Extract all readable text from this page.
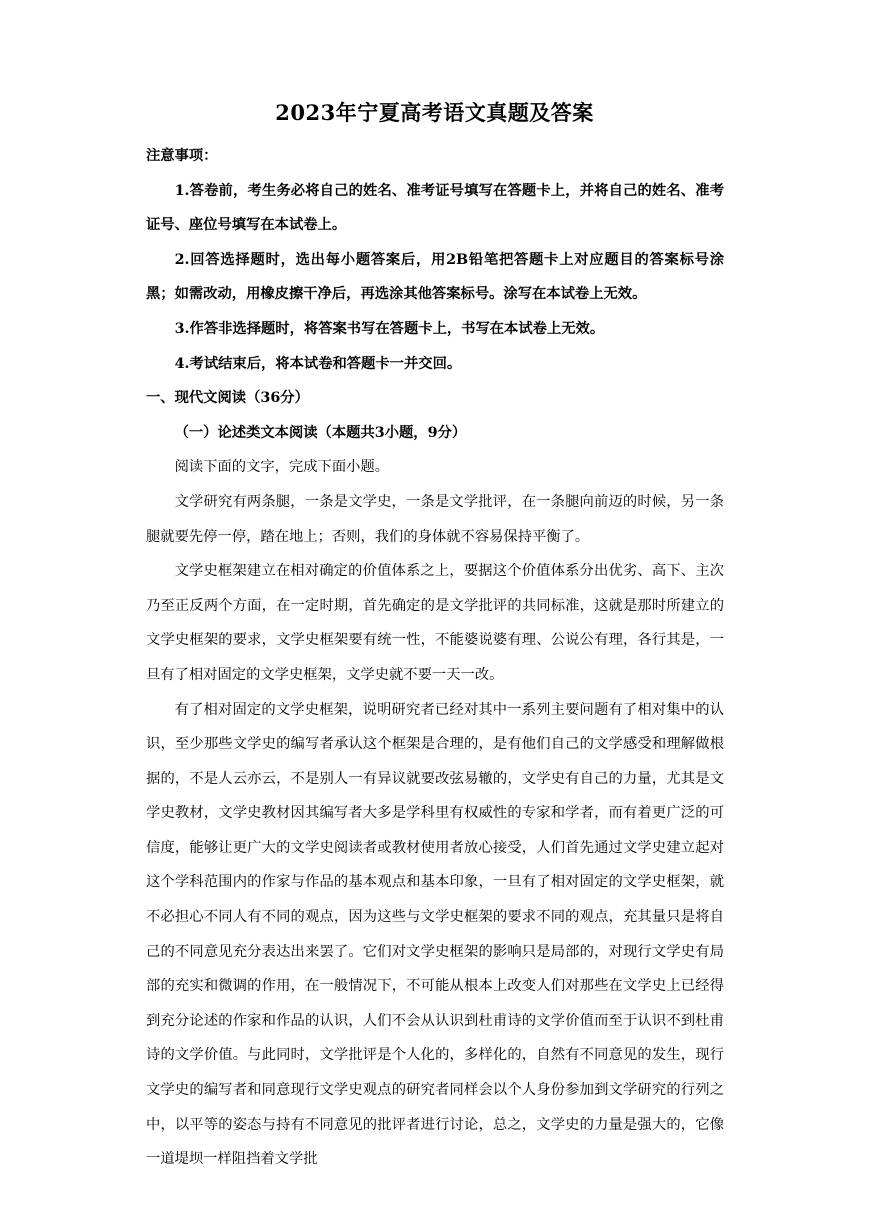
2023年宁夏高考语文真题及答案

注意事项：

1.答卷前，考生务必将自己的姓名、准考证号填写在答题卡上，并将自己的姓名、准考证号、座位号填写在本试卷上。

2.回答选择题时，选出每小题答案后，用2B铅笔把答题卡上对应题目的答案标号涂黑；如需改动，用橡皮擦干净后，再选涂其他答案标号。涂写在本试卷上无效。

3.作答非选择题时，将答案书写在答题卡上，书写在本试卷上无效。

4.考试结束后，将本试卷和答题卡一并交回。

一、现代文阅读（36分）

（一）论述类文本阅读（本题共3小题，9分）

阅读下面的文字，完成下面小题。

文学研究有两条腿，一条是文学史，一条是文学批评，在一条腿向前迈的时候，另一条腿就要先停一停，踏在地上；否则，我们的身体就不容易保持平衡了。

文学史框架建立在相对确定的价值体系之上，要据这个价值体系分出优劣、高下、主次乃至正反两个方面，在一定时期，首先确定的是文学批评的共同标准，这就是那时所建立的文学史框架的要求，文学史框架要有统一性，不能婆说婆有理、公说公有理，各行其是，一旦有了相对固定的文学史框架，文学史就不要一天一改。

有了相对固定的文学史框架，说明研究者已经对其中一系列主要问题有了相对集中的认识，至少那些文学史的编写者承认这个框架是合理的，是有他们自己的文学感受和理解做根据的，不是人云亦云，不是别人一有异议就要改弦易辙的，文学史有自己的力量，尤其是文学史教材，文学史教材因其编写者大多是学科里有权威性的专家和学者，而有着更广泛的可信度，能够让更广大的文学史阅读者或教材使用者放心接受，人们首先通过文学史建立起对这个学科范围内的作家与作品的基本观点和基本印象，一旦有了相对固定的文学史框架，就不必担心不同人有不同的观点，因为这些与文学史框架的要求不同的观点，充其量只是将自己的不同意见充分表达出来罢了。它们对文学史框架的影响只是局部的，对现行文学史有局部的充实和微调的作用，在一般情况下，不可能从根本上改变人们对那些在文学史上已经得到充分论述的作家和作品的认识，人们不会从认识到杜甫诗的文学价值而至于认识不到杜甫诗的文学价值。与此同时，文学批评是个人化的，多样化的，自然有不同意见的发生，现行文学史的编写者和同意现行文学史观点的研究者同样会以个人身份参加到文学研究的行列之中，以平等的姿态与持有不同意见的批评者进行讨论，总之，文学史的力量是强大的，它像一道堤坝一样阻挡着文学批
